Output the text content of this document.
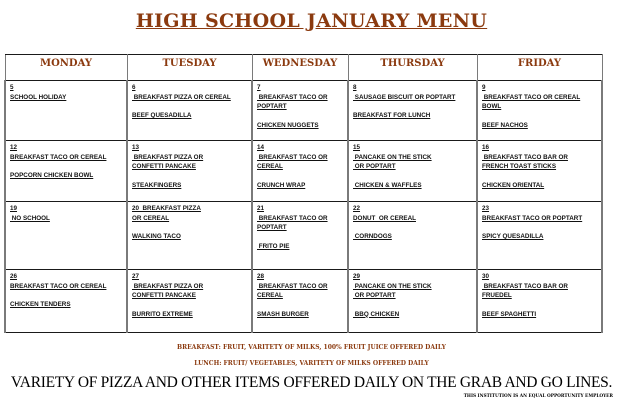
HIGH SCHOOL JANUARY MENU
MONDAY	TUESDAY	WEDNESDAY	THURSDAY	FRIDAY

5
SCHOOL HOLIDAY	6
BREAKFAST PIZZA OR CEREAL
BEEF QUESADILLA	7
BREAKFAST TACO OR
POPTART
CHICKEN NUGGETS	8
SAUSAGE BISCUIT OR POPTART
BREAKFAST FOR LUNCH	9
BREAKFAST TACO OR CEREAL
BOWL
BEEF NACHOS

12
BREAKFAST TACO OR CEREAL
POPCORN CHICKEN BOWL	13
BREAKFAST PIZZA OR
CONFETTI PANCAKE
STEAKFINGERS	14
BREAKFAST TACO OR
CEREAL
CRUNCH WRAP	15
PANCAKE ON THE STICK
OR POPTART
CHICKEN & WAFFLES	16
BREAKFAST TACO BAR OR
FRENCH TOAST STICKS
CHICKEN ORIENTAL

19
NO SCHOOL	20  BREAKFAST PIZZA
OR CEREAL
WALKING TACO	21
BREAKFAST TACO OR
POPTART
FRITO PIE	22
DONUT  OR CEREAL
CORNDOGS	23
BREAKFAST TACO OR POPTART
SPICY QUESADILLA

26
BREAKFAST TACO OR CEREAL
CHICKEN TENDERS	27
BREAKFAST PIZZA OR
CONFETTI PANCAKE
BURRITO EXTREME	28
BREAKFAST TACO OR
CEREAL
SMASH BURGER	29
PANCAKE ON THE STICK
OR POPTART
BBQ CHICKEN	30
BREAKFAST TACO BAR OR
FRUEDEL
BEEF SPAGHETTI
BREAKFAST: FRUIT, VARITETY OF MILKS, 100% FRUIT JUICE OFFERED DAILY
LUNCH: FRUIT/ VEGETABLES, VARITETY OF MILKS OFFERED DAILY
VARIETY OF PIZZA AND OTHER ITEMS OFFERED DAILY ON THE GRAB AND GO LINES.
THIS INSTITUTION IS AN EQUAL OPPORTUNITY EMPLOYER
